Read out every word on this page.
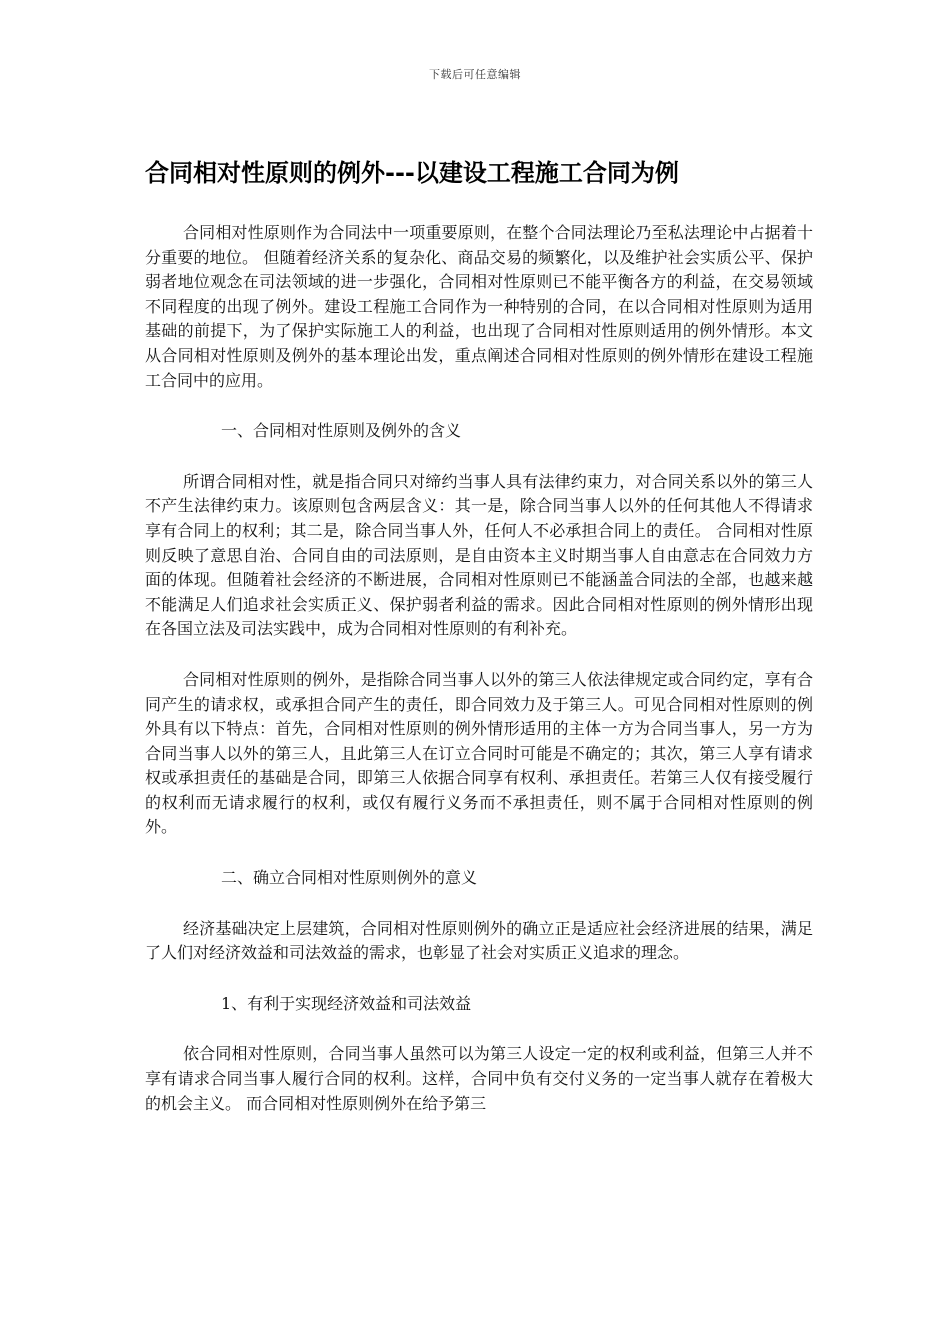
下载后可任意编辑
合同相对性原则的例外---以建设工程施工合同为例

合同相对性原则作为合同法中一项重要原则，在整个合同法理论乃至私法理论中占据着十分重要的地位。 但随着经济关系的复杂化、商品交易的频繁化，以及维护社会实质公平、保护弱者地位观念在司法领域的进一步强化，合同相对性原则已不能平衡各方的利益，在交易领域不同程度的出现了例外。建设工程施工合同作为一种特别的合同，在以合同相对性原则为适用基础的前提下，为了保护实际施工人的利益，也出现了合同相对性原则适用的例外情形。本文从合同相对性原则及例外的基本理论出发，重点阐述合同相对性原则的例外情形在建设工程施工合同中的应用。

一、合同相对性原则及例外的含义

所谓合同相对性，就是指合同只对缔约当事人具有法律约束力，对合同关系以外的第三人不产生法律约束力。该原则包含两层含义：其一是，除合同当事人以外的任何其他人不得请求享有合同上的权利；其二是，除合同当事人外，任何人不必承担合同上的责任。 合同相对性原则反映了意思自治、合同自由的司法原则，是自由资本主义时期当事人自由意志在合同效力方面的体现。但随着社会经济的不断进展，合同相对性原则已不能涵盖合同法的全部，也越来越不能满足人们追求社会实质正义、保护弱者利益的需求。因此合同相对性原则的例外情形出现在各国立法及司法实践中，成为合同相对性原则的有利补充。

合同相对性原则的例外，是指除合同当事人以外的第三人依法律规定或合同约定，享有合同产生的请求权，或承担合同产生的责任，即合同效力及于第三人。可见合同相对性原则的例外具有以下特点：首先，合同相对性原则的例外情形适用的主体一方为合同当事人，另一方为合同当事人以外的第三人，且此第三人在订立合同时可能是不确定的；其次，第三人享有请求权或承担责任的基础是合同，即第三人依据合同享有权利、承担责任。若第三人仅有接受履行的权利而无请求履行的权利，或仅有履行义务而不承担责任，则不属于合同相对性原则的例外。

二、确立合同相对性原则例外的意义

经济基础决定上层建筑，合同相对性原则例外的确立正是适应社会经济进展的结果，满足了人们对经济效益和司法效益的需求，也彰显了社会对实质正义追求的理念。

1、有利于实现经济效益和司法效益

依合同相对性原则，合同当事人虽然可以为第三人设定一定的权利或利益，但第三人并不享有请求合同当事人履行合同的权利。这样，合同中负有交付义务的一定当事人就存在着极大的机会主义。 而合同相对性原则例外在给予第三
